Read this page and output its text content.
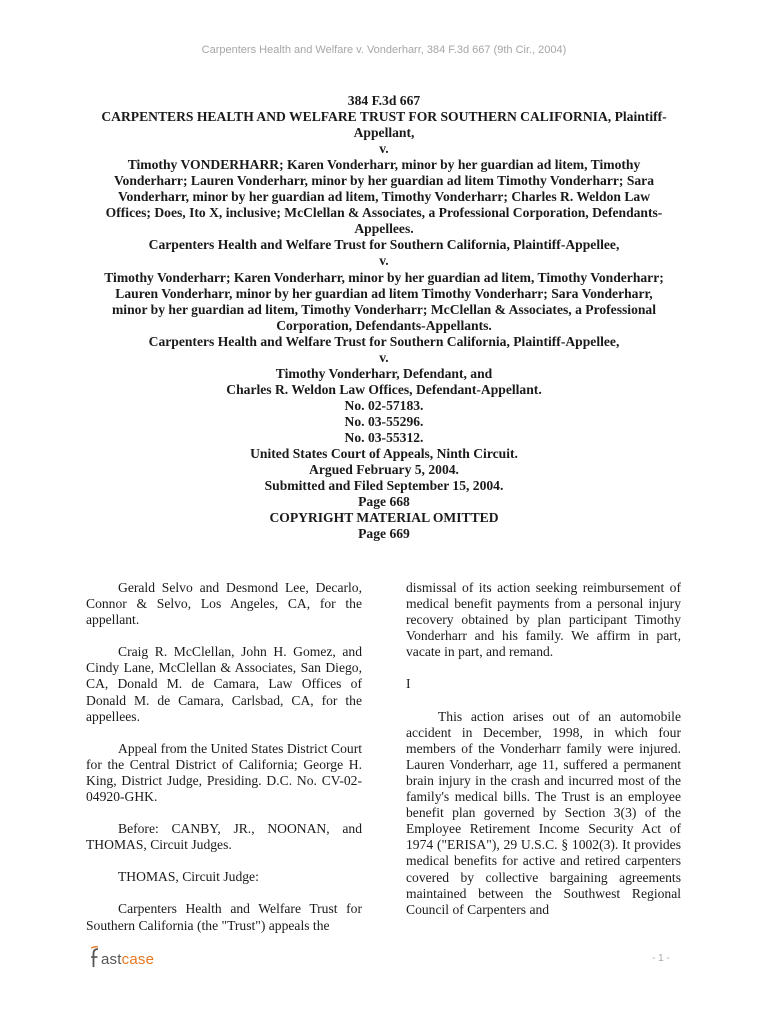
Carpenters Health and Welfare v. Vonderharr, 384 F.3d 667 (9th Cir., 2004)
384 F.3d 667
CARPENTERS HEALTH AND WELFARE TRUST FOR SOUTHERN CALIFORNIA, Plaintiff-
Appellant,
v.
Timothy VONDERHARR; Karen Vonderharr, minor by her guardian ad litem, Timothy
Vonderharr; Lauren Vonderharr, minor by her guardian ad litem Timothy Vonderharr; Sara
Vonderharr, minor by her guardian ad litem, Timothy Vonderharr; Charles R. Weldon Law
Offices; Does, Ito X, inclusive; McClellan & Associates, a Professional Corporation, Defendants-
Appellees.
Carpenters Health and Welfare Trust for Southern California, Plaintiff-Appellee,
v.
Timothy Vonderharr; Karen Vonderharr, minor by her guardian ad litem, Timothy Vonderharr;
Lauren Vonderharr, minor by her guardian ad litem Timothy Vonderharr; Sara Vonderharr,
minor by her guardian ad litem, Timothy Vonderharr; McClellan & Associates, a Professional
Corporation, Defendants-Appellants.
Carpenters Health and Welfare Trust for Southern California, Plaintiff-Appellee,
v.
Timothy Vonderharr, Defendant, and
Charles R. Weldon Law Offices, Defendant-Appellant.
No. 02-57183.
No. 03-55296.
No. 03-55312.
United States Court of Appeals, Ninth Circuit.
Argued February 5, 2004.
Submitted and Filed September 15, 2004.
Page 668
COPYRIGHT MATERIAL OMITTED
Page 669

Gerald Selvo and Desmond Lee, Decarlo, Connor & Selvo, Los Angeles, CA, for the appellant.

Craig R. McClellan, John H. Gomez, and Cindy Lane, McClellan & Associates, San Diego, CA, Donald M. de Camara, Law Offices of Donald M. de Camara, Carlsbad, CA, for the appellees.

Appeal from the United States District Court for the Central District of California; George H. King, District Judge, Presiding. D.C. No. CV-02-04920-GHK.

Before: CANBY, JR., NOONAN, and THOMAS, Circuit Judges.

THOMAS, Circuit Judge:

Carpenters Health and Welfare Trust for Southern California (the "Trust") appeals the

dismissal of its action seeking reimbursement of medical benefit payments from a personal injury recovery obtained by plan participant Timothy Vonderharr and his family. We affirm in part, vacate in part, and remand.

I

This action arises out of an automobile accident in December, 1998, in which four members of the Vonderharr family were injured. Lauren Vonderharr, age 11, suffered a permanent brain injury in the crash and incurred most of the family's medical bills. The Trust is an employee benefit plan governed by Section 3(3) of the Employee Retirement Income Security Act of 1974 ("ERISA"), 29 U.S.C. § 1002(3). It provides medical benefits for active and retired carpenters covered by collective bargaining agreements maintained between the Southwest Regional Council of Carpenters and

ast case	- 1 -
